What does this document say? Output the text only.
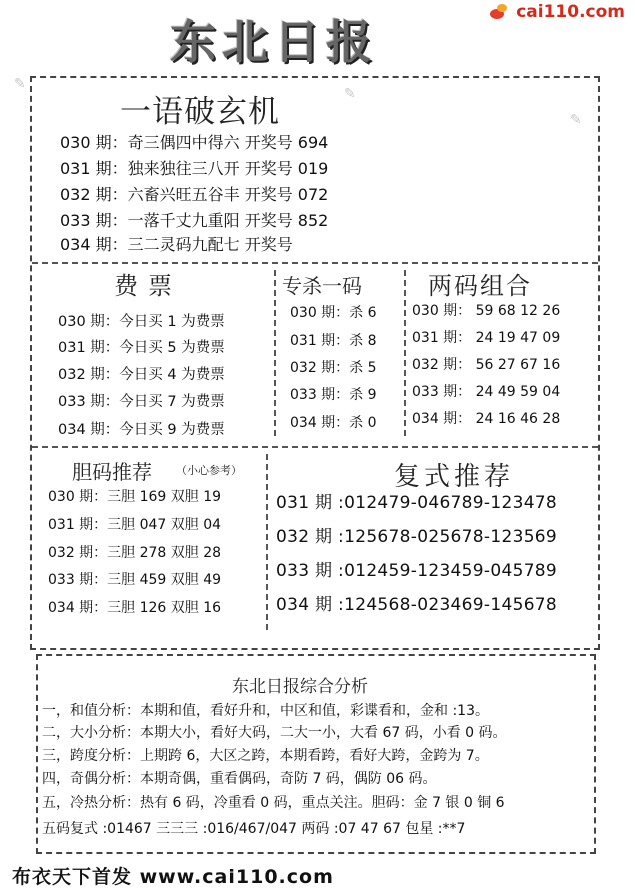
东北日报
cai110.com
✎
✎
✎
一语破玄机
030 期：奇三偶四中得六 开奖号 694
031 期：独来独往三八开 开奖号 019
032 期：六畜兴旺五谷丰 开奖号 072
033 期：一落千丈九重阳 开奖号 852
034 期：三二灵码九配七 开奖号
费票
030 期：今日买 1 为费票
031 期：今日买 5 为费票
032 期：今日买 4 为费票
033 期：今日买 7 为费票
034 期：今日买 9 为费票
专杀一码
030 期：杀 6
031 期：杀 8
032 期：杀 5
033 期：杀 9
034 期：杀 0
两码组合
030 期： 59 68 12 26
031 期： 24 19 47 09
032 期： 56 27 67 16
033 期： 24 49 59 04
034 期： 24 16 46 28
胆码推荐 （小心参考）
030 期：三胆 169 双胆 19
031 期：三胆 047 双胆 04
032 期：三胆 278 双胆 28
033 期：三胆 459 双胆 49
034 期：三胆 126 双胆 16
复式推荐
031 期 :012479-046789-123478
032 期 :125678-025678-123569
033 期 :012459-123459-045789
034 期 :124568-023469-145678
东北日报综合分析
一，和值分析：本期和值，看好升和，中区和值，彩谍看和，金和 :13。
二，大小分析：本期大小，看好大码，二大一小，大看 67 码，小看 0 码。
三，跨度分析：上期跨 6，大区之跨，本期看跨，看好大跨，金跨为 7。
四，奇偶分析：本期奇偶，重看偶码，奇防 7 码，偶防 06 码。
五，冷热分析：热有 6 码，冷重看 0 码，重点关注。胆码：金 7 银 0 铜 6
五码复式 :01467 三三三 :016/467/047 两码 :07 47 67 包星 :**7
布衣天下首发 www.cai110.com
